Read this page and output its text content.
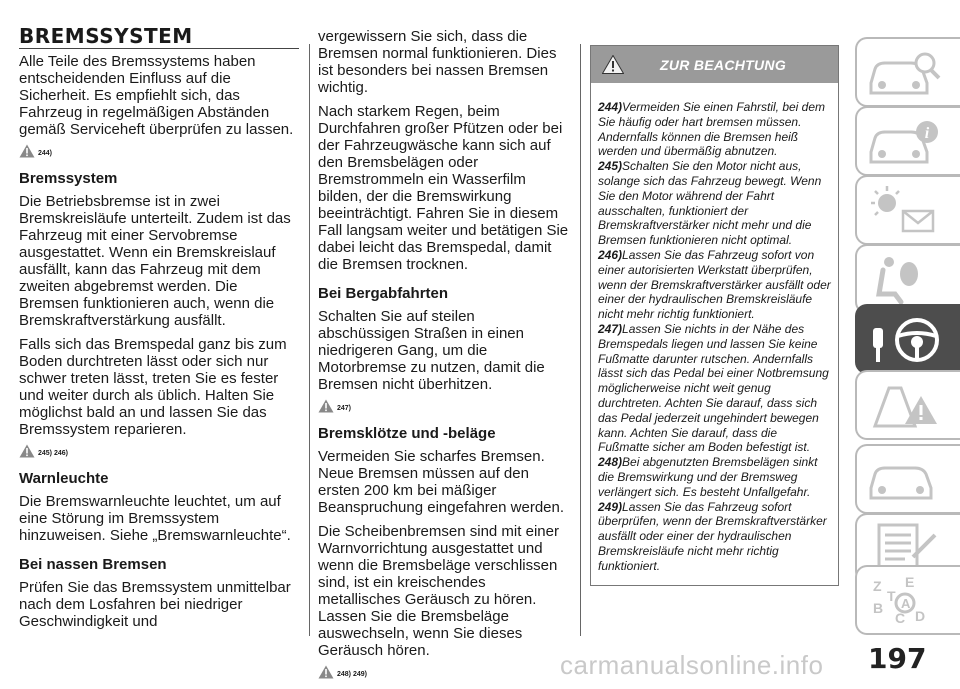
BREMSSYSTEM

Alle Teile des Bremssystems haben entscheidenden Einfluss auf die Sicherheit. Es empfiehlt sich, das Fahrzeug in regelmäßigen Abständen gemäß Serviceheft überprüfen zu lassen.

244)
Bremssystem

Die Betriebsbremse ist in zwei Bremskreisläufe unterteilt. Zudem ist das Fahrzeug mit einer Servobremse ausgestattet. Wenn ein Bremskreislauf ausfällt, kann das Fahrzeug mit dem zweiten abgebremst werden. Die Bremsen funktionieren auch, wenn die Bremskraftverstärkung ausfällt.

Falls sich das Bremspedal ganz bis zum Boden durchtreten lässt oder sich nur schwer treten lässt, treten Sie es fester und weiter durch als üblich. Halten Sie möglichst bald an und lassen Sie das Bremssystem reparieren.

245) 246)
Warnleuchte

Die Bremswarnleuchte leuchtet, um auf eine Störung im Bremssystem hinzuweisen. Siehe „Bremswarnleuchte“.

Bei nassen Bremsen

Prüfen Sie das Bremssystem unmittelbar nach dem Losfahren bei niedriger Geschwindigkeit und

vergewissern Sie sich, dass die Bremsen normal funktionieren. Dies ist besonders bei nassen Bremsen wichtig.

Nach starkem Regen, beim Durchfahren großer Pfützen oder bei der Fahrzeugwäsche kann sich auf den Bremsbelägen oder Bremstrommeln ein Wasserfilm bilden, der die Bremswirkung beeinträchtigt. Fahren Sie in diesem Fall langsam weiter und betätigen Sie dabei leicht das Bremspedal, damit die Bremsen trocknen.

Bei Bergabfahrten

Schalten Sie auf steilen abschüssigen Straßen in einen niedrigeren Gang, um die Motorbremse zu nutzen, damit die Bremsen nicht überhitzen.

247)
Bremsklötze und -beläge

Vermeiden Sie scharfes Bremsen. Neue Bremsen müssen auf den ersten 200 km bei mäßiger Beanspruchung eingefahren werden.

Die Scheibenbremsen sind mit einer Warnvorrichtung ausgestattet und wenn die Bremsbeläge verschlissen sind, ist ein kreischendes metallisches Geräusch zu hören. Lassen Sie die Bremsbeläge auswechseln, wenn Sie dieses Geräusch hören.

248) 249)
ZUR BEACHTUNG
244)Vermeiden Sie einen Fahrstil, bei dem Sie häufig oder hart bremsen müssen. Andernfalls können die Bremsen heiß werden und übermäßig abnutzen.
245)Schalten Sie den Motor nicht aus, solange sich das Fahrzeug bewegt. Wenn Sie den Motor während der Fahrt ausschalten, funktioniert der Bremskraftverstärker nicht mehr und die Bremsen funktionieren nicht optimal.
246)Lassen Sie das Fahrzeug sofort von einer autorisierten Werkstatt überprüfen, wenn der Bremskraftverstärker ausfällt oder einer der hydraulischen Bremskreisläufe nicht mehr richtig funktioniert.
247)Lassen Sie nichts in der Nähe des Bremspedals liegen und lassen Sie keine Fußmatte darunter rutschen. Andernfalls lässt sich das Pedal bei einer Notbremsung möglicherweise nicht weit genug durchtreten. Achten Sie darauf, dass sich das Pedal jederzeit ungehindert bewegen kann. Achten Sie darauf, dass die Fußmatte sicher am Boden befestigt ist.
248)Bei abgenutzten Bremsbelägen sinkt die Bremswirkung und der Bremsweg verlängert sich. Es besteht Unfallgefahr.
249)Lassen Sie das Fahrzeug sofort überprüfen, wenn der Bremskraftverstärker ausfällt oder einer der hydraulischen Bremskreisläufe nicht mehr richtig funktioniert.
i
Z E
B
C D
T A
carmanualsonline.info 197
